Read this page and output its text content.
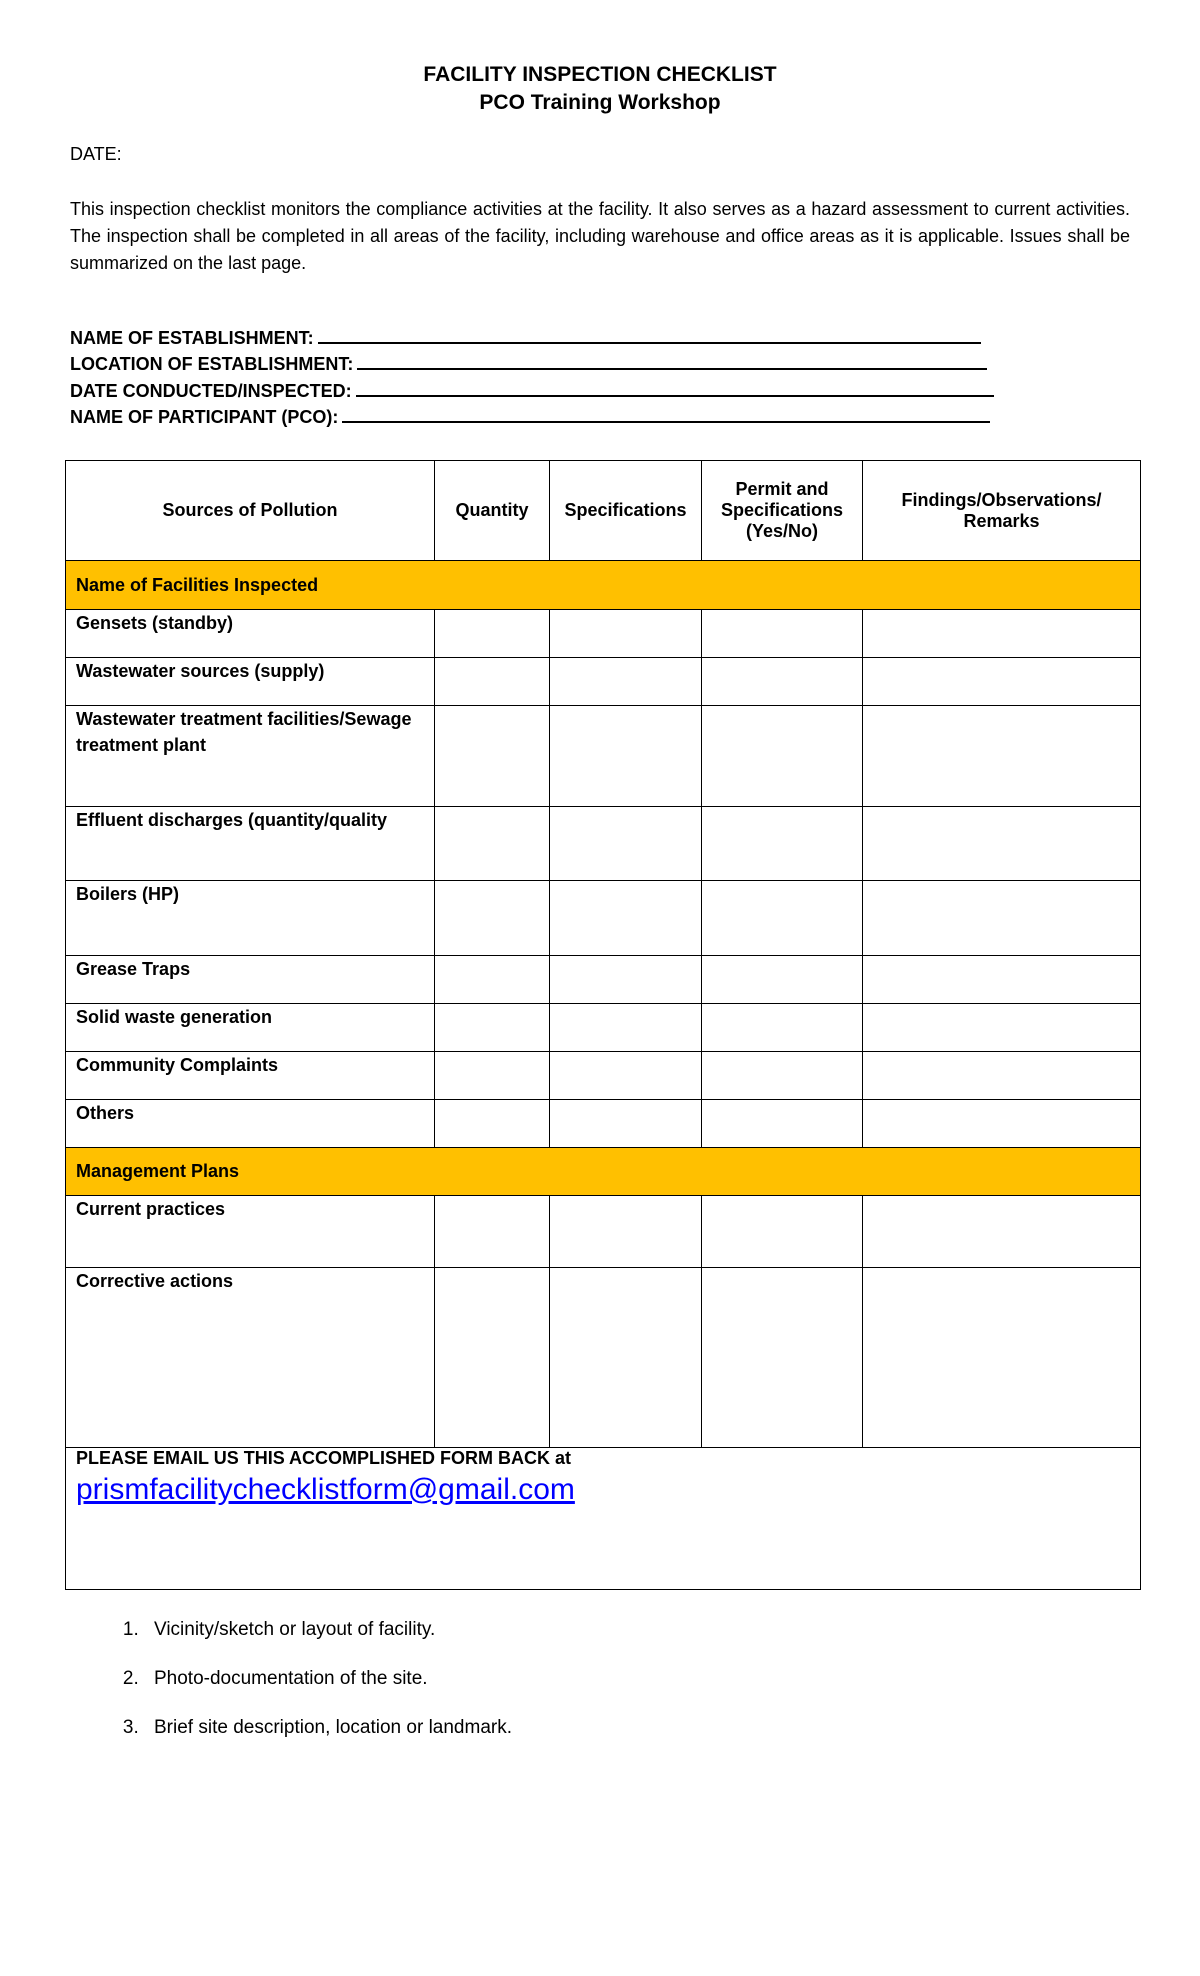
FACILITY INSPECTION CHECKLIST
PCO Training Workshop
DATE:
This inspection checklist monitors the compliance activities at the facility. It also serves as a hazard assessment to current activities. The inspection shall be completed in all areas of the facility, including warehouse and office areas as it is applicable. Issues shall be summarized on the last page.
NAME OF ESTABLISHMENT:
LOCATION OF ESTABLISHMENT:
DATE CONDUCTED/INSPECTED:
NAME OF PARTICIPANT (PCO):
Sources of Pollution	Quantity	Specifications	Permit and Specifications (Yes/No)	Findings/Observations/ Remarks
Name of Facilities Inspected				
Gensets (standby)				
Wastewater sources (supply)				
Wastewater treatment facilities/Sewage treatment plant				
Effluent discharges (quantity/quality				
Boilers (HP)				
Grease Traps				
Solid waste generation				
Community Complaints				
Others				
Management Plans				
Current practices				
Corrective actions				

PLEASE EMAIL US THIS ACCOMPLISHED FORM BACK at
prismfacilitychecklistform@gmail.com				
1. Vicinity/sketch or layout of facility.
2. Photo-documentation of the site.
3. Brief site description, location or landmark.
